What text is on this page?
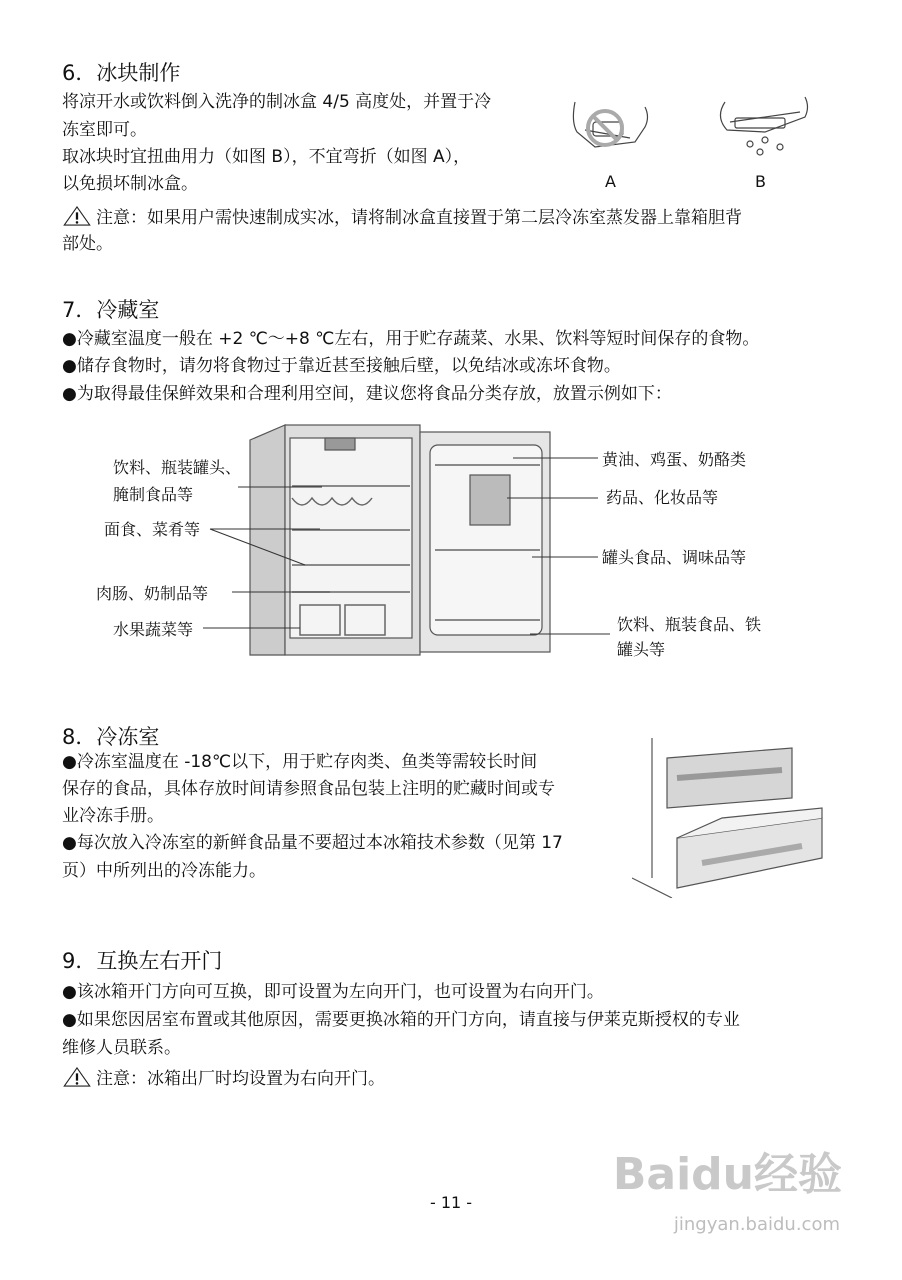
6．冰块制作
将凉开水或饮料倒入洗净的制冰盒 4/5 高度处，并置于冷
冻室即可。
取冰块时宜扭曲用力（如图 B），不宜弯折（如图 A），
以免损坏制冰盒。
注意：如果用户需快速制成实冰，请将制冰盒直接置于第二层冷冻室蒸发器上靠箱胆背
部处。
A	B
7．冷藏室
●冷藏室温度一般在 +2 ℃～+8 ℃左右，用于贮存蔬菜、水果、饮料等短时间保存的食物。
●储存食物时，请勿将食物过于靠近甚至接触后壁，以免结冰或冻坏食物。
●为取得最佳保鲜效果和合理利用空间，建议您将食品分类存放，放置示例如下：
饮料、瓶装罐头、
腌制食品等
面食、菜肴等
肉肠、奶制品等
水果蔬菜等
黄油、鸡蛋、奶酪类
药品、化妆品等
罐头食品、调味品等
饮料、瓶装食品、铁
罐头等
8．冷冻室
●冷冻室温度在 -18℃以下，用于贮存肉类、鱼类等需较长时间
保存的食品，具体存放时间请参照食品包装上注明的贮藏时间或专
业冷冻手册。
●每次放入冷冻室的新鲜食品量不要超过本冰箱技术参数（见第 17
页）中所列出的冷冻能力。
9．互换左右开门
●该冰箱开门方向可互换，即可设置为左向开门，也可设置为右向开门。
●如果您因居室布置或其他原因，需要更换冰箱的开门方向，请直接与伊莱克斯授权的专业
维修人员联系。
注意：冰箱出厂时均设置为右向开门。
- 11 -
Baidu经验
jingyan.baidu.com
